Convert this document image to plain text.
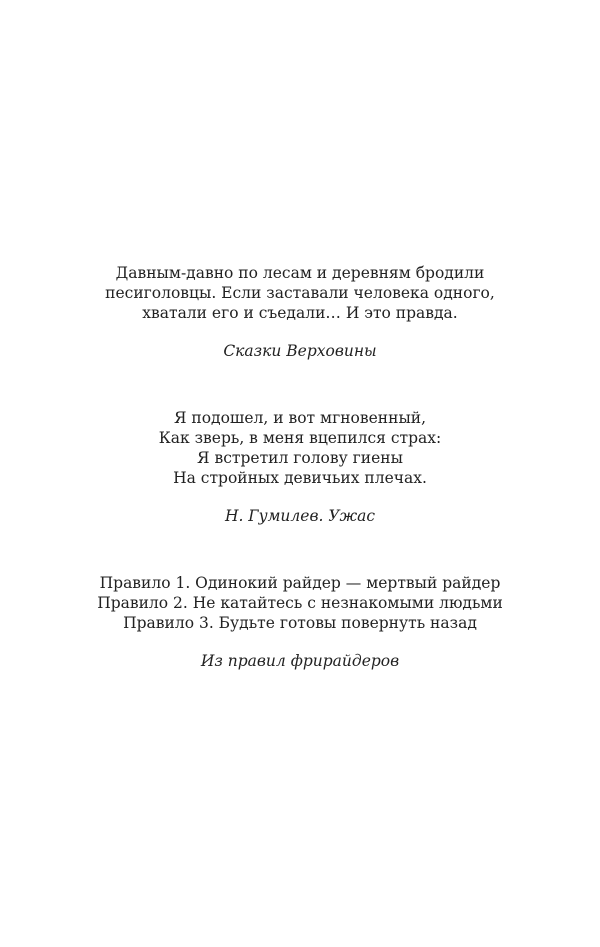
Давным-давно по лесам и деревням бродили
песиголовцы. Если заставали человека одного,
хватали его и съедали… И это правда.
Сказки Верховины
Я подошел, и вот мгновенный,
Как зверь, в меня вцепился страх:
Я встретил голову гиены
На стройных девичьих плечах.
Н. Гумилев. Ужас
Правило 1. Одинокий райдер — мертвый райдер
Правило 2. Не катайтесь с незнакомыми людьми
Правило 3. Будьте готовы повернуть назад
Из правил фрирайдеров
